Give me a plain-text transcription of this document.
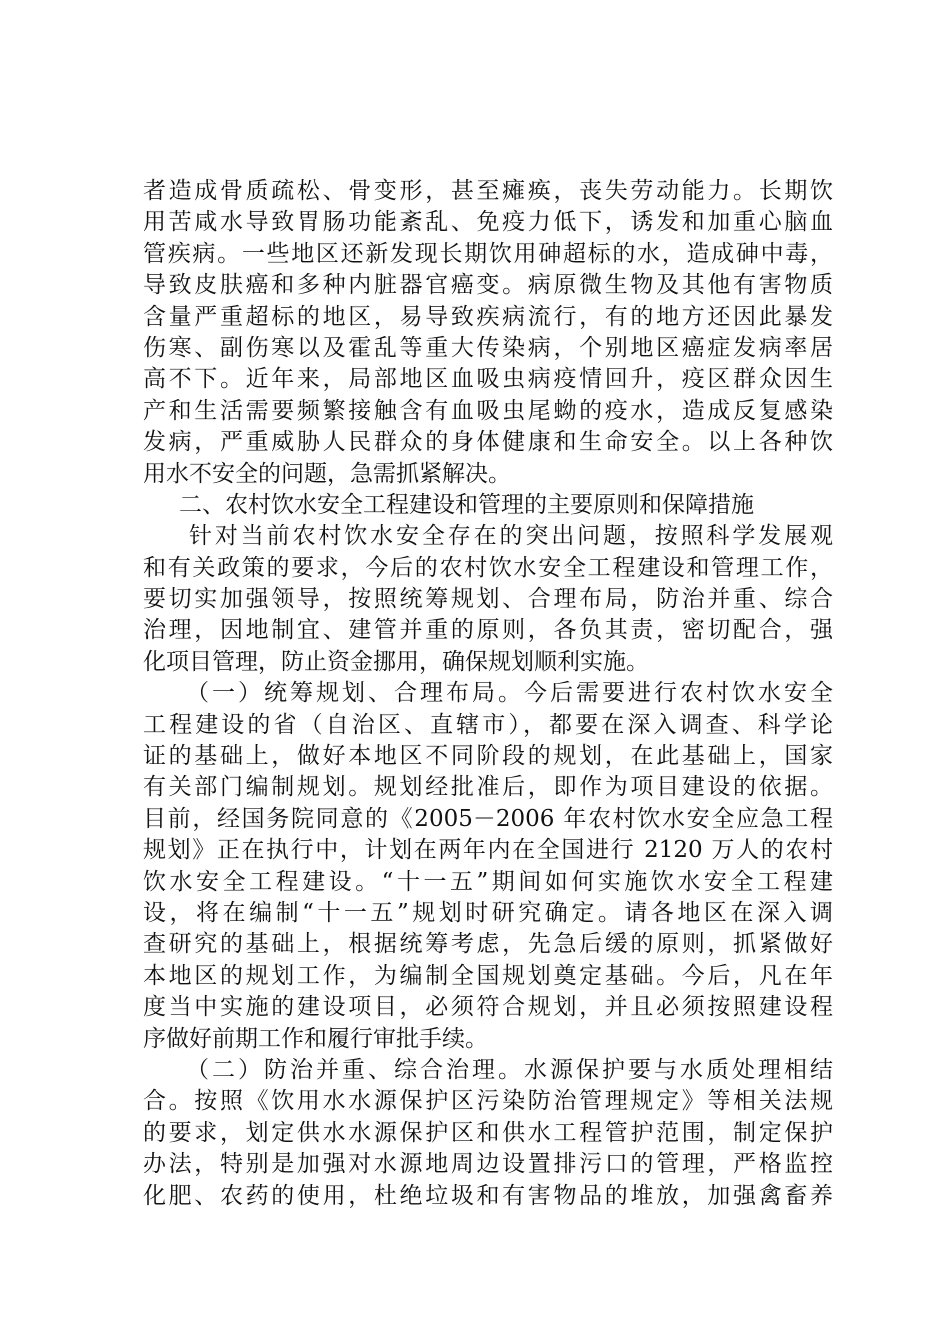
者造成骨质疏松、骨变形，甚至瘫痪，丧失劳动能力。长期饮
用苦咸水导致胃肠功能紊乱、免疫力低下，诱发和加重心脑血
管疾病。一些地区还新发现长期饮用砷超标的水，造成砷中毒，
导致皮肤癌和多种内脏器官癌变。病原微生物及其他有害物质
含量严重超标的地区，易导致疾病流行，有的地方还因此暴发
伤寒、副伤寒以及霍乱等重大传染病，个别地区癌症发病率居
高不下。近年来，局部地区血吸虫病疫情回升，疫区群众因生
产和生活需要频繁接触含有血吸虫尾蚴的疫水，造成反复感染
发病，严重威胁人民群众的身体健康和生命安全。以上各种饮
用水不安全的问题，急需抓紧解决。
二、农村饮水安全工程建设和管理的主要原则和保障措施
针对当前农村饮水安全存在的突出问题，按照科学发展观
和有关政策的要求，今后的农村饮水安全工程建设和管理工作，
要切实加强领导，按照统筹规划、合理布局，防治并重、综合
治理，因地制宜、建管并重的原则，各负其责，密切配合，强
化项目管理，防止资金挪用，确保规划顺利实施。
（一）统筹规划、合理布局。今后需要进行农村饮水安全
工程建设的省（自治区、直辖市），都要在深入调查、科学论
证的基础上，做好本地区不同阶段的规划，在此基础上，国家
有关部门编制规划。规划经批准后，即作为项目建设的依据。
目前，经国务院同意的《2005－2006 年农村饮水安全应急工程
规划》正在执行中，计划在两年内在全国进行 2120 万人的农村
饮水安全工程建设。“十一五”期间如何实施饮水安全工程建
设，将在编制“十一五”规划时研究确定。请各地区在深入调
查研究的基础上，根据统筹考虑，先急后缓的原则，抓紧做好
本地区的规划工作，为编制全国规划奠定基础。今后，凡在年
度当中实施的建设项目，必须符合规划，并且必须按照建设程
序做好前期工作和履行审批手续。
（二）防治并重、综合治理。水源保护要与水质处理相结
合。按照《饮用水水源保护区污染防治管理规定》等相关法规
的要求，划定供水水源保护区和供水工程管护范围，制定保护
办法，特别是加强对水源地周边设置排污口的管理，严格监控
化肥、农药的使用，杜绝垃圾和有害物品的堆放，加强禽畜养
